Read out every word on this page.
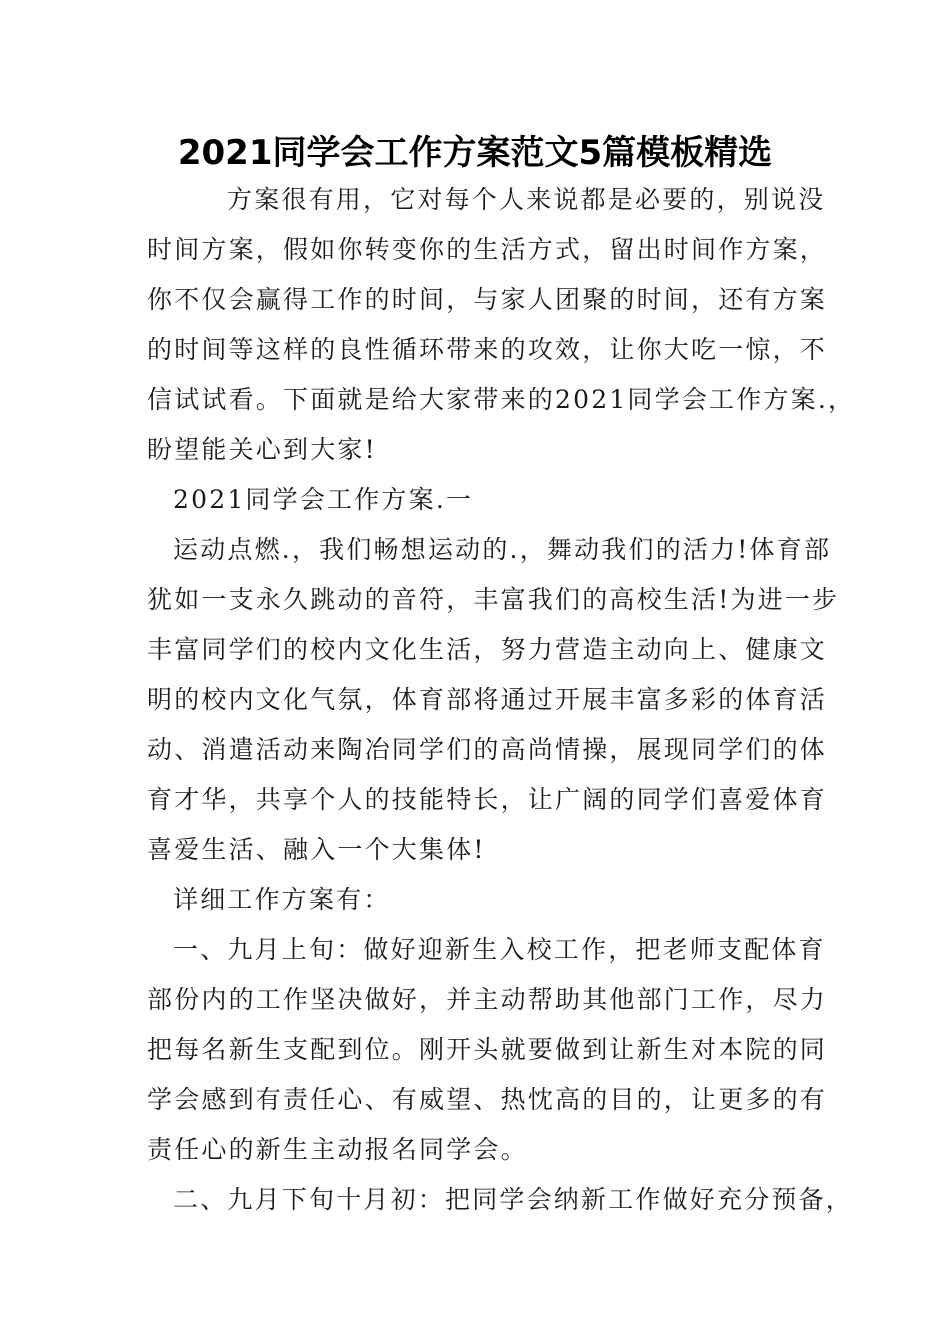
2021同学会工作方案范文5篇模板精选
方案很有用，它对每个人来说都是必要的，别说没
时间方案，假如你转变你的生活方式，留出时间作方案，
你不仅会赢得工作的时间，与家人团聚的时间，还有方案
的时间等这样的良性循环带来的攻效，让你大吃一惊，不
信试试看。下面就是给大家带来的2021同学会工作方案.，
盼望能关心到大家!
2021同学会工作方案.一
运动点燃.，我们畅想运动的.，舞动我们的活力!体育部
犹如一支永久跳动的音符，丰富我们的高校生活!为进一步
丰富同学们的校内文化生活，努力营造主动向上、健康文
明的校内文化气氛，体育部将通过开展丰富多彩的体育活
动、消遣活动来陶冶同学们的高尚情操，展现同学们的体
育才华，共享个人的技能特长，让广阔的同学们喜爱体育
喜爱生活、融入一个大集体!
详细工作方案有：
一、九月上旬：做好迎新生入校工作，把老师支配体育
部份内的工作坚决做好，并主动帮助其他部门工作，尽力
把每名新生支配到位。刚开头就要做到让新生对本院的同
学会感到有责任心、有威望、热忱高的目的，让更多的有
责任心的新生主动报名同学会。
二、九月下旬十月初：把同学会纳新工作做好充分预备，
